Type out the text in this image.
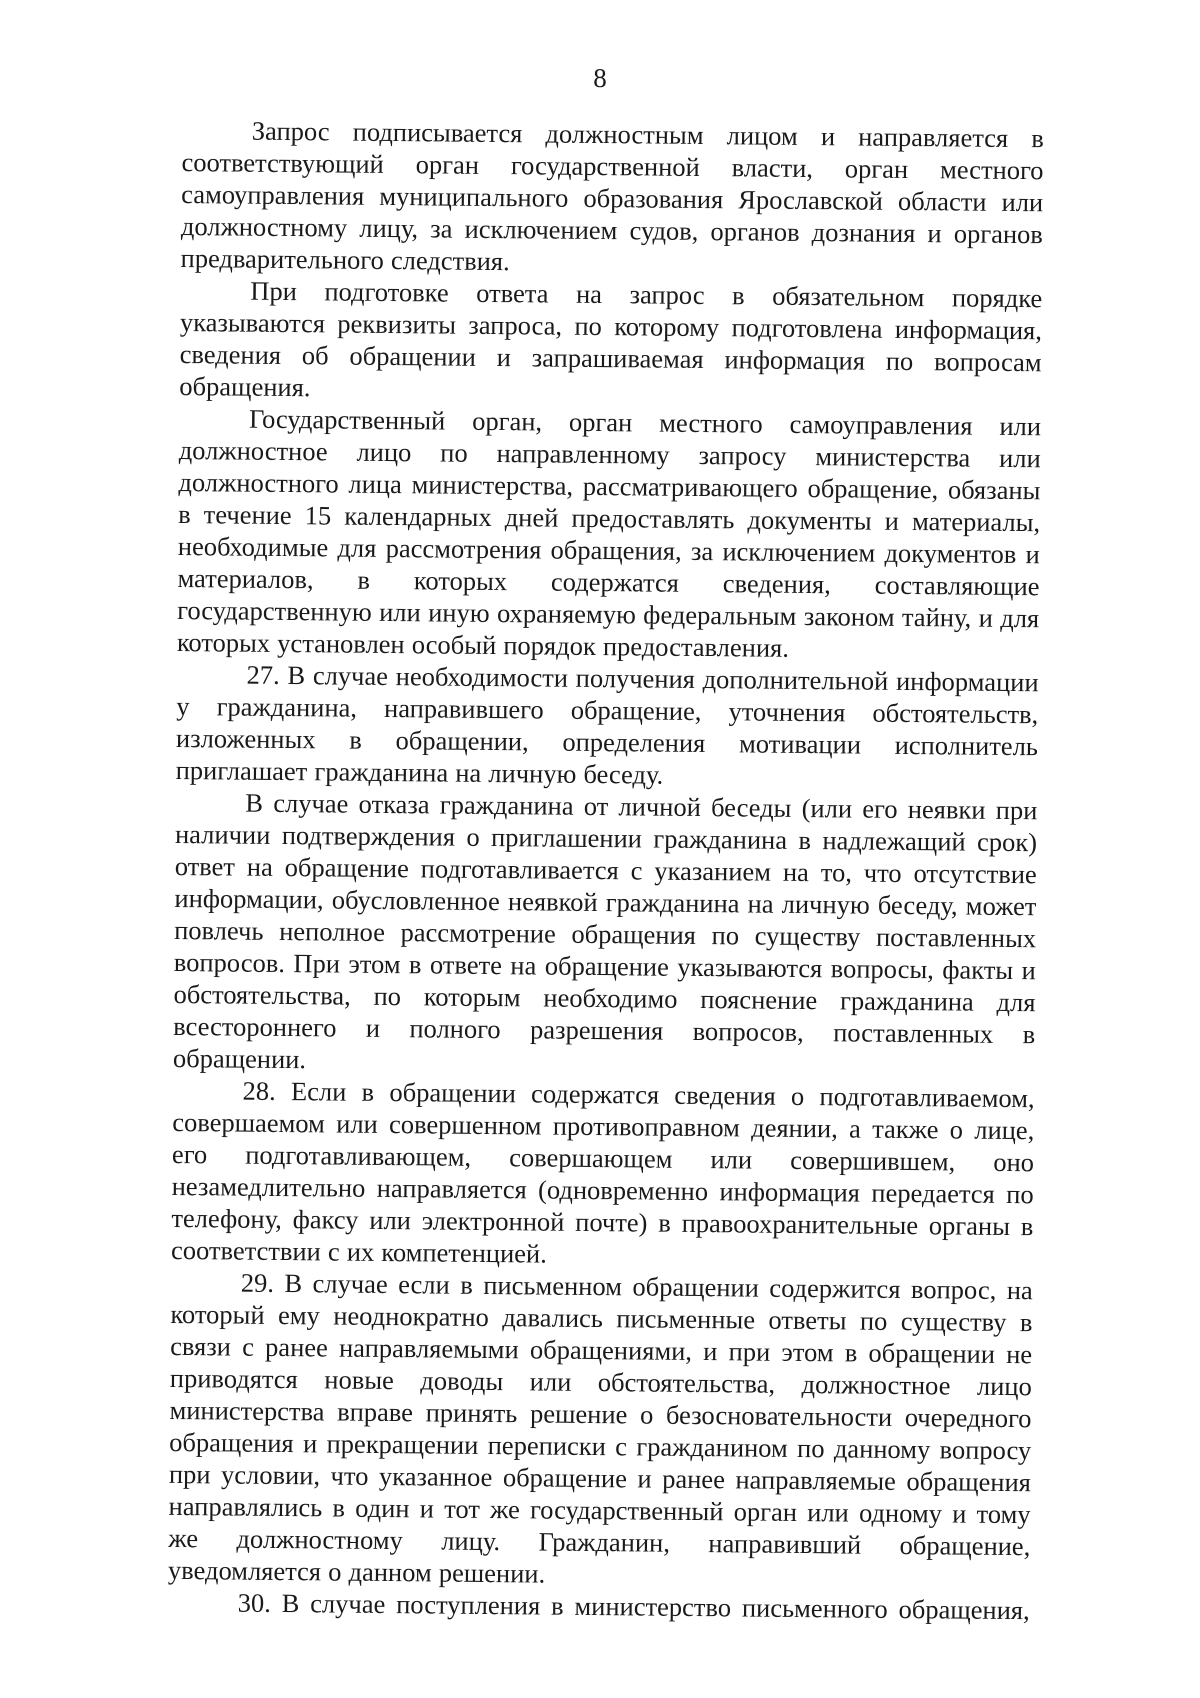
8

Запрос подписывается должностным лицом и направляется в соответствующий орган государственной власти, орган местного самоуправления муниципального образования Ярославской области или должностному лицу, за исключением судов, органов дознания и органов предварительного следствия.

При подготовке ответа на запрос в обязательном порядке указываются реквизиты запроса, по которому подготовлена информация, сведения об обращении и запрашиваемая информация по вопросам обращения.

Государственный орган, орган местного самоуправления или должностное лицо по направленному запросу министерства или должностного лица министерства, рассматривающего обращение, обязаны в течение 15 календарных дней предоставлять документы и материалы, необходимые для рассмотрения обращения, за исключением документов и материалов, в которых содержатся сведения, составляющие государственную или иную охраняемую федеральным законом тайну, и для которых установлен особый порядок предоставления.

27. В случае необходимости получения дополнительной информации у гражданина, направившего обращение, уточнения обстоятельств, изложенных в обращении, определения мотивации исполнитель приглашает гражданина на личную беседу.

В случае отказа гражданина от личной беседы (или его неявки при наличии подтверждения о приглашении гражданина в надлежащий срок) ответ на обращение подготавливается с указанием на то, что отсутствие информации, обусловленное неявкой гражданина на личную беседу, может повлечь неполное рассмотрение обращения по существу поставленных вопросов. При этом в ответе на обращение указываются вопросы, факты и обстоятельства, по которым необходимо пояснение гражданина для всестороннего и полного разрешения вопросов, поставленных в обращении.

28. Если в обращении содержатся сведения о подготавливаемом, совершаемом или совершенном противоправном деянии, а также о лице, его подготавливающем, совершающем или совершившем, оно незамедлительно направляется (одновременно информация передается по телефону, факсу или электронной почте) в правоохранительные органы в соответствии с их компетенцией.

29. В случае если в письменном обращении содержится вопрос, на который ему неоднократно давались письменные ответы по существу в связи с ранее направляемыми обращениями, и при этом в обращении не приводятся новые доводы или обстоятельства, должностное лицо министерства вправе принять решение о безосновательности очередного обращения и прекращении переписки с гражданином по данному вопросу при условии, что указанное обращение и ранее направляемые обращения направлялись в один и тот же государственный орган или одному и тому же должностному лицу. Гражданин, направивший обращение, уведомляется о данном решении.

30. В случае поступления в министерство письменного обращения,
